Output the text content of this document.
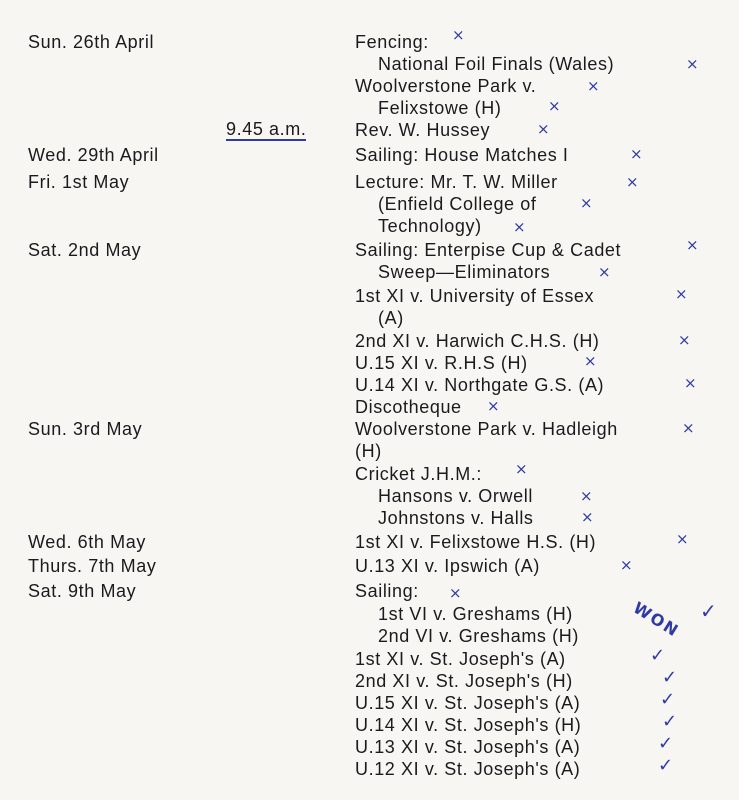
Sun. 26th April
Wed. 29th April
Fri. 1st May
Sat. 2nd May
Sun. 3rd May
Wed. 6th May
Thurs. 7th May
Sat. 9th May
9.45 a.m.
Fencing:
National Foil Finals (Wales)
Woolverstone Park v.
Felixstowe (H)
Rev. W. Hussey
Sailing: House Matches I
Lecture: Mr. T. W. Miller
(Enfield College of
Technology)
Sailing: Enterpise Cup & Cadet
Sweep—Eliminators
1st XI v. University of Essex
(A)
2nd XI v. Harwich C.H.S. (H)
U.15 XI v. R.H.S (H)
U.14 XI v. Northgate G.S. (A)
Discotheque
Woolverstone Park v. Hadleigh
(H)
Cricket J.H.M.:
Hansons v. Orwell
Johnstons v. Halls
1st XI v. Felixstowe H.S. (H)
U.13 XI v. Ipswich (A)
Sailing:
1st VI v. Greshams (H)
2nd VI v. Greshams (H)
1st XI v. St. Joseph's (A)
2nd XI v. St. Joseph's (H)
U.15 XI v. St. Joseph's (A)
U.14 XI v. St. Joseph's (H)
U.13 XI v. St. Joseph's (A)
U.12 XI v. St. Joseph's (A)
×
×
×
×
×
×
×
×
×
×
×
×
×
×
×
×
×
×
×
×
×
×
×
WON ✓
✓
✓
✓
✓
✓
✓
